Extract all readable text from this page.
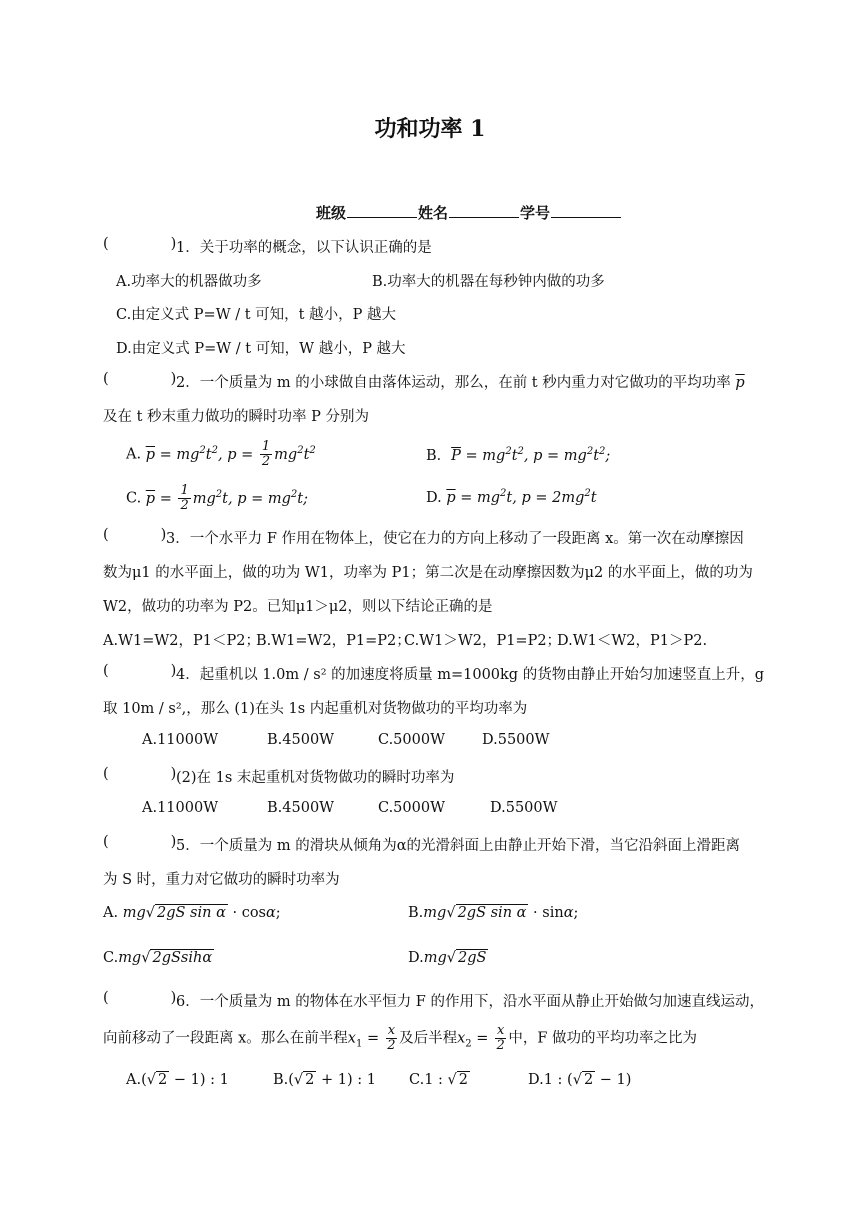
功和功率 1
班级	姓名	学号
(	) 1．关于功率的概念，以下认识正确的是
A.功率大的机器做功多	B.功率大的机器在每秒钟内做的功多
C.由定义式 P=W / t 可知，t 越小，P 越大
D.由定义式 P=W / t 可知，W 越小，P 越大
(	) 2．一个质量为 m 的小球做自由落体运动，那么，在前 t 秒内重力对它做功的平均功率 $\overline{p}$
及在 t 秒末重力做功的瞬时功率 P 分别为
A. $\overline{p} = mg^2t^2$, $p = \frac{1}{2} mg^2t^2$	B．$\overline{P} = mg^2t^2$, $p = mg^2t^2$;
C. $\overline{p} = \frac{1}{2} mg^2t$, $p = mg^2t$;	D. $\overline{p} = mg^2t$, $p = 2mg^2t$
(	) 3．一个水平力 F 作用在物体上，使它在力的方向上移动了一段距离 x。第一次在动摩擦因
数为μ1 的水平面上，做的功为 W1，功率为 P1；第二次是在动摩擦因数为μ2 的水平面上，做的功为
W2，做功的功率为 P2。已知μ1＞μ2，则以下结论正确的是
A.W1=W2，P1＜P2；
B.W1=W2，P1=P2；
C.W1＞W2，P1=P2；
D.W1＜W2，P1＞P2.
(	) 4．起重机以 1.0m / s² 的加速度将质量 m=1000kg 的货物由静止开始匀加速竖直上升，g
取 10m / s²,，那么 (1)在头 1s 内起重机对货物做功的平均功率为
A.11000W	B.4500W	C.5000W	D.5500W
(	) (2)在 1s 末起重机对货物做功的瞬时功率为
A.11000W	B.4500W	C.5000W	D.5500W
(	) 5．一个质量为 m 的滑块从倾角为α的光滑斜面上由静止开始下滑，当它沿斜面上滑距离
为 S 时，重力对它做功的瞬时功率为
A. mg√ 2gS sin α · cosα;	B.mg√ 2gS sin α · sinα;
C.mg√ 2gSsihα	D.mg√ 2gS
(	) 6．一个质量为 m 的物体在水平恒力 F 的作用下，沿水平面从静止开始做匀加速直线运动，
向前移动了一段距离 x。那么在前半程$x_1 = \frac{x}{2}$ 及后半程$x_2 = \frac{x}{2}$ 中，F 做功的平均功率之比为
A.(√ 2 − 1) : 1	B.(√ 2 + 1) : 1 C.1 : √ 2	D.1 : (√ 2 − 1)
